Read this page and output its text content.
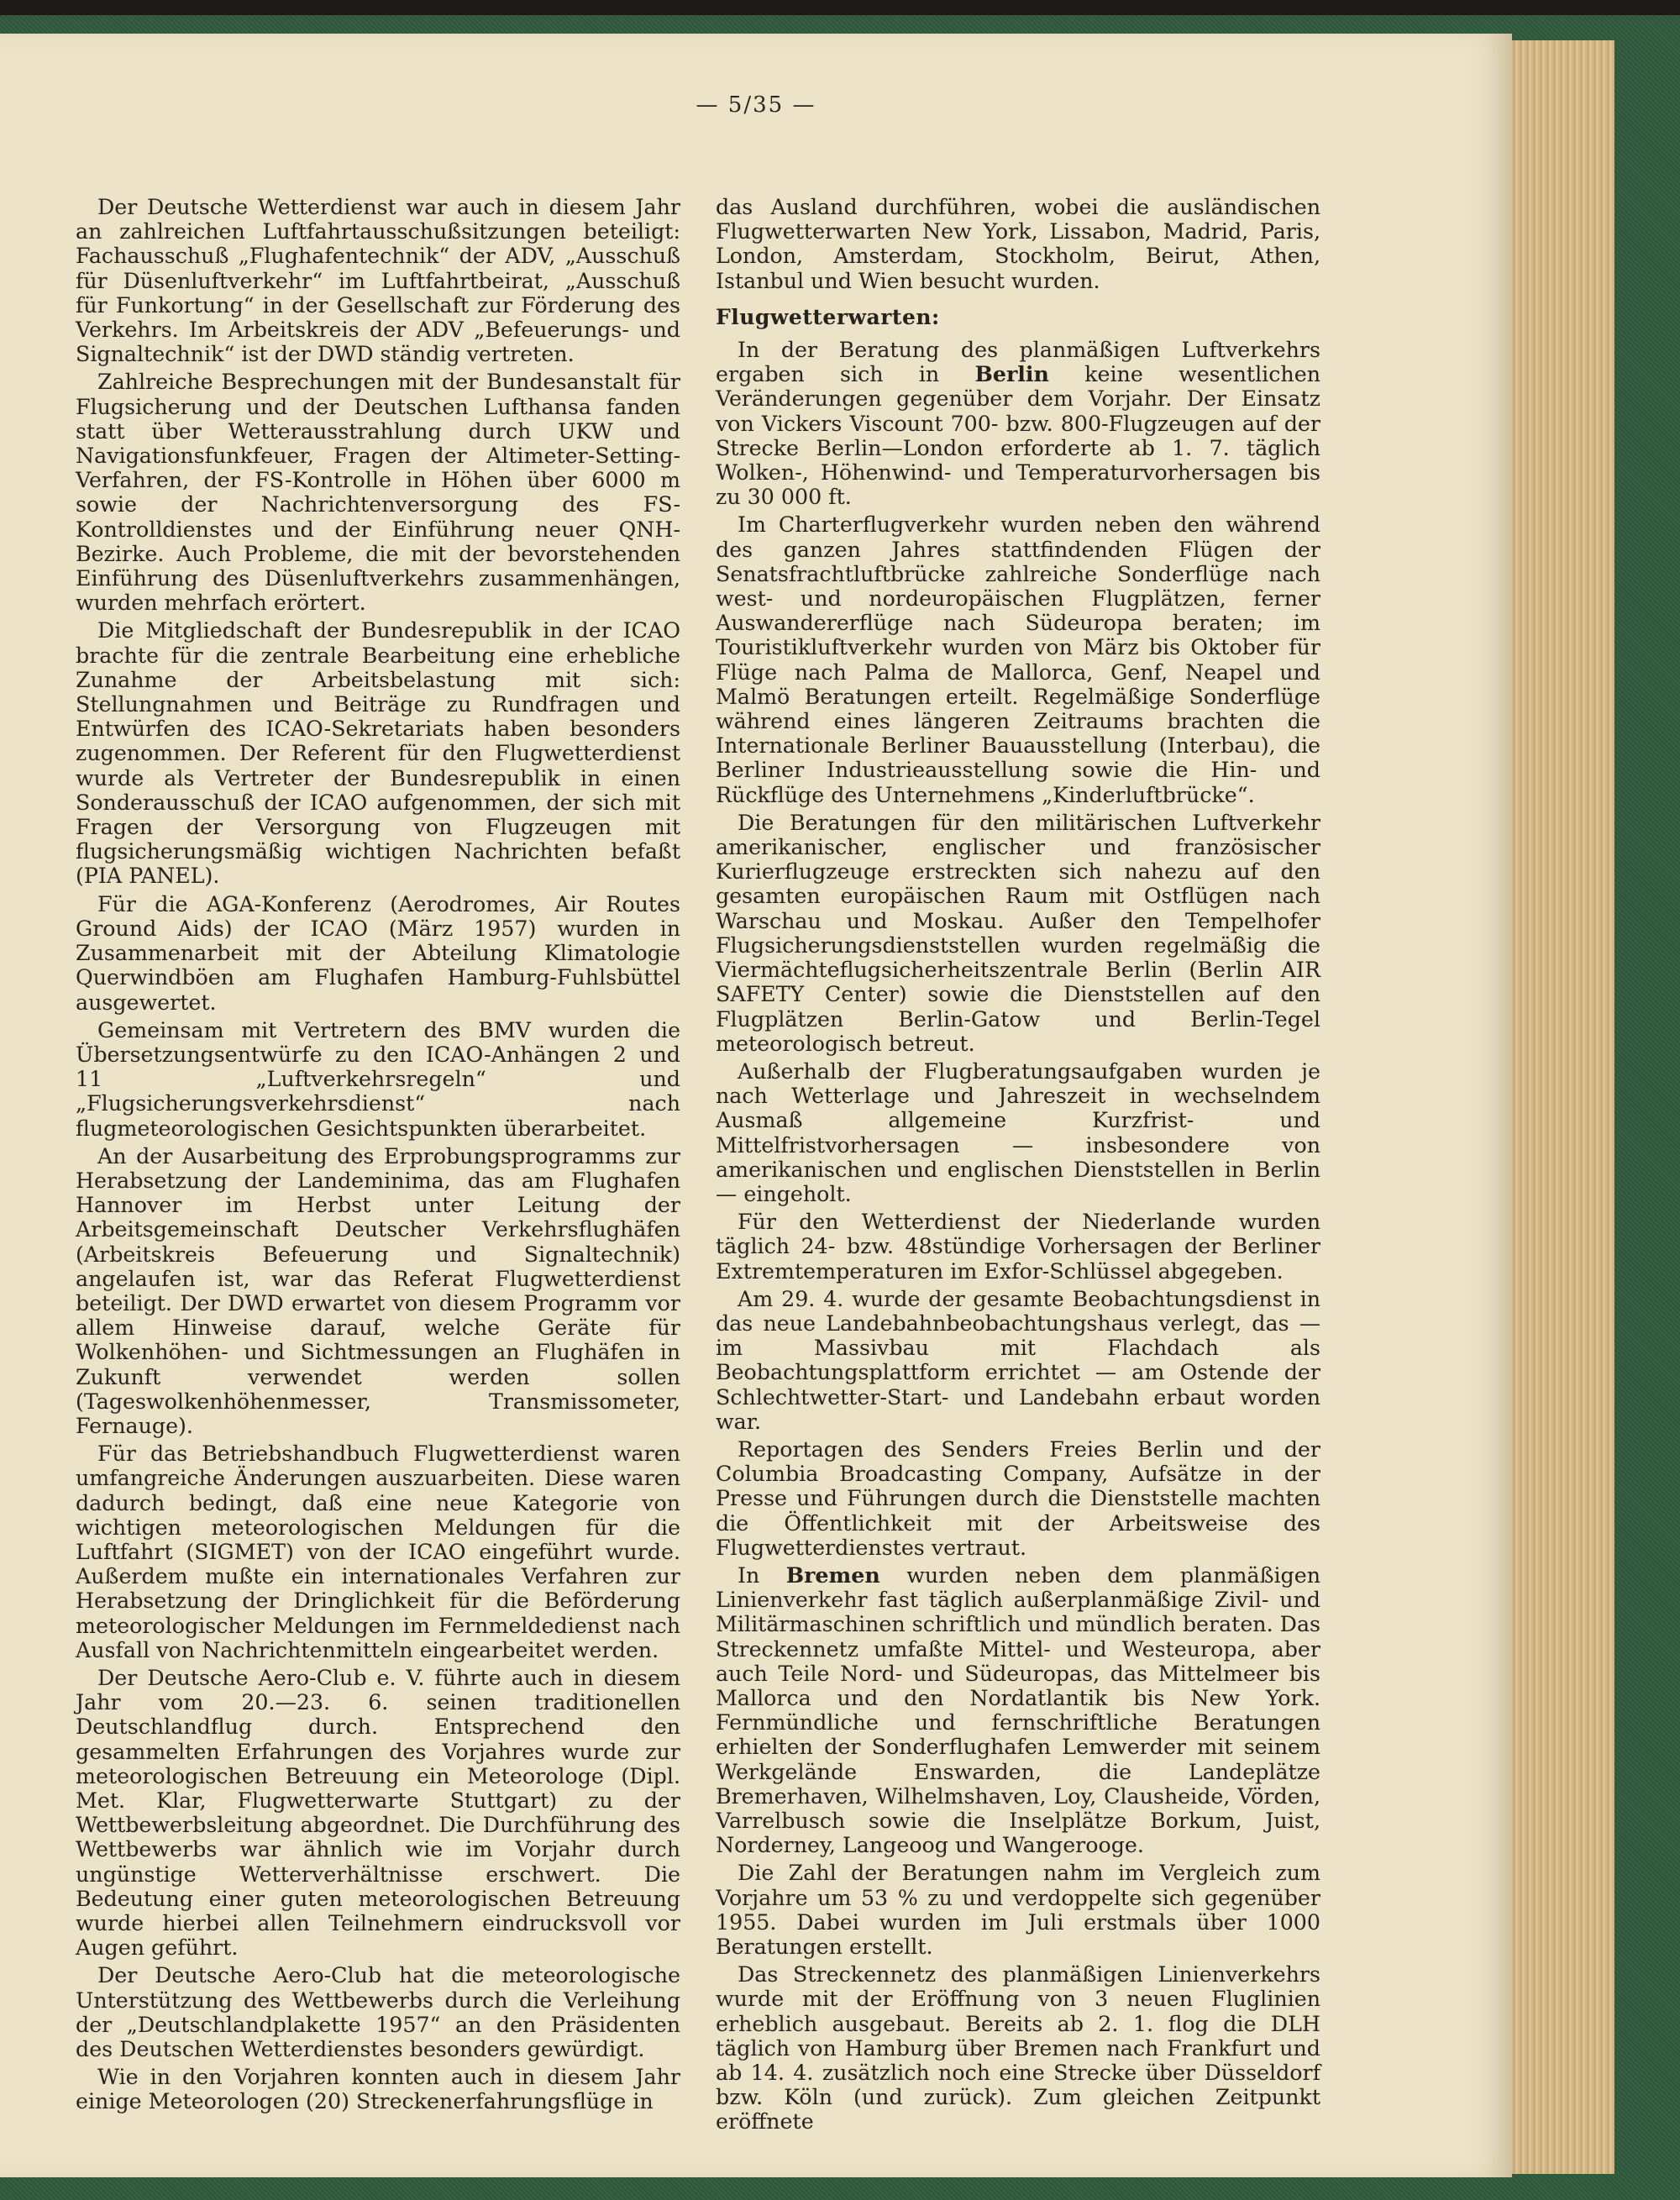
— 5/35 —

Der Deutsche Wetterdienst war auch in diesem Jahr an zahlreichen Luftfahrtausschußsitzungen beteiligt: Fachausschuß „Flughafentechnik“ der ADV, „Ausschuß für Düsenluftverkehr“ im Luftfahrtbeirat, „Ausschuß für Funkortung“ in der Gesellschaft zur Förderung des Verkehrs. Im Arbeitskreis der ADV „Befeuerungs- und Signaltechnik“ ist der DWD ständig vertreten.

Zahlreiche Besprechungen mit der Bundesanstalt für Flugsicherung und der Deutschen Lufthansa fanden statt über Wetterausstrahlung durch UKW und Navigationsfunkfeuer, Fragen der Altimeter-Setting-Verfahren, der FS-Kontrolle in Höhen über 6000 m sowie der Nachrichtenversorgung des FS-Kontrolldienstes und der Einführung neuer QNH-Bezirke. Auch Probleme, die mit der bevorstehenden Einführung des Düsenluftverkehrs zusammenhängen, wurden mehrfach erörtert.

Die Mitgliedschaft der Bundesrepublik in der ICAO brachte für die zentrale Bearbeitung eine erhebliche Zunahme der Arbeitsbelastung mit sich: Stellungnahmen und Beiträge zu Rundfragen und Entwürfen des ICAO-Sekretariats haben besonders zugenommen. Der Referent für den Flugwetterdienst wurde als Vertreter der Bundesrepublik in einen Sonderausschuß der ICAO aufgenommen, der sich mit Fragen der Versorgung von Flugzeugen mit flugsicherungsmäßig wichtigen Nachrichten befaßt (PIA PANEL).

Für die AGA-Konferenz (Aerodromes, Air Routes Ground Aids) der ICAO (März 1957) wurden in Zusammenarbeit mit der Abteilung Klimatologie Querwindböen am Flughafen Hamburg-Fuhlsbüttel ausgewertet.

Gemeinsam mit Vertretern des BMV wurden die Übersetzungsentwürfe zu den ICAO-Anhängen 2 und 11 „Luftverkehrsregeln“ und „Flugsicherungsverkehrsdienst“ nach flugmeteorologischen Gesichtspunkten überarbeitet.

An der Ausarbeitung des Erprobungsprogramms zur Herabsetzung der Landeminima, das am Flughafen Hannover im Herbst unter Leitung der Arbeitsgemeinschaft Deutscher Verkehrsflughäfen (Arbeitskreis Befeuerung und Signaltechnik) angelaufen ist, war das Referat Flugwetterdienst beteiligt. Der DWD erwartet von diesem Programm vor allem Hinweise darauf, welche Geräte für Wolkenhöhen- und Sichtmessungen an Flughäfen in Zukunft verwendet werden sollen (Tageswolkenhöhenmesser, Transmissometer, Fernauge).

Für das Betriebshandbuch Flugwetterdienst waren umfangreiche Änderungen auszuarbeiten. Diese waren dadurch bedingt, daß eine neue Kategorie von wichtigen meteorologischen Meldungen für die Luftfahrt (SIGMET) von der ICAO eingeführt wurde. Außerdem mußte ein internationales Verfahren zur Herabsetzung der Dringlichkeit für die Beförderung meteorologischer Meldungen im Fernmeldedienst nach Ausfall von Nachrichtenmitteln eingearbeitet werden.

Der Deutsche Aero-Club e. V. führte auch in diesem Jahr vom 20.—23. 6. seinen traditionellen Deutschlandflug durch. Entsprechend den gesammelten Erfahrungen des Vorjahres wurde zur meteorologischen Betreuung ein Meteorologe (Dipl. Met. Klar, Flugwetterwarte Stuttgart) zu der Wettbewerbsleitung abgeordnet. Die Durchführung des Wettbewerbs war ähnlich wie im Vorjahr durch ungünstige Wetterverhältnisse erschwert. Die Bedeutung einer guten meteorologischen Betreuung wurde hierbei allen Teilnehmern eindrucksvoll vor Augen geführt.

Der Deutsche Aero-Club hat die meteorologische Unterstützung des Wettbewerbs durch die Verleihung der „Deutschlandplakette 1957“ an den Präsidenten des Deutschen Wetterdienstes besonders gewürdigt.

Wie in den Vorjahren konnten auch in diesem Jahr einige Meteorologen (20) Streckenerfahrungsflüge in

das Ausland durchführen, wobei die ausländischen Flugwetterwarten New York, Lissabon, Madrid, Paris, London, Amsterdam, Stockholm, Beirut, Athen, Istanbul und Wien besucht wurden.

Flugwetterwarten:

In der Beratung des planmäßigen Luftverkehrs ergaben sich in Berlin keine wesentlichen Veränderungen gegenüber dem Vorjahr. Der Einsatz von Vickers Viscount 700- bzw. 800-Flugzeugen auf der Strecke Berlin—London erforderte ab 1. 7. täglich Wolken-, Höhenwind- und Temperaturvorhersagen bis zu 30 000 ft.

Im Charterflugverkehr wurden neben den während des ganzen Jahres stattfindenden Flügen der Senatsfrachtluftbrücke zahlreiche Sonderflüge nach west- und nordeuropäischen Flugplätzen, ferner Auswandererflüge nach Südeuropa beraten; im Touristikluftverkehr wurden von März bis Oktober für Flüge nach Palma de Mallorca, Genf, Neapel und Malmö Beratungen erteilt. Regelmäßige Sonderflüge während eines längeren Zeitraums brachten die Internationale Berliner Bauausstellung (Interbau), die Berliner Industrieausstellung sowie die Hin- und Rückflüge des Unternehmens „Kinderluftbrücke“.

Die Beratungen für den militärischen Luftverkehr amerikanischer, englischer und französischer Kurierflugzeuge erstreckten sich nahezu auf den gesamten europäischen Raum mit Ostflügen nach Warschau und Moskau. Außer den Tempelhofer Flugsicherungsdienststellen wurden regelmäßig die Viermächteflugsicherheitszentrale Berlin (Berlin AIR SAFETY Center) sowie die Dienststellen auf den Flugplätzen Berlin-Gatow und Berlin-Tegel meteorologisch betreut.

Außerhalb der Flugberatungsaufgaben wurden je nach Wetterlage und Jahreszeit in wechselndem Ausmaß allgemeine Kurzfrist- und Mittelfristvorhersagen — insbesondere von amerikanischen und englischen Dienststellen in Berlin — eingeholt.

Für den Wetterdienst der Niederlande wurden täglich 24- bzw. 48stündige Vorhersagen der Berliner Extremtemperaturen im Exfor-Schlüssel abgegeben.

Am 29. 4. wurde der gesamte Beobachtungsdienst in das neue Landebahnbeobachtungshaus verlegt, das — im Massivbau mit Flachdach als Beobachtungsplattform errichtet — am Ostende der Schlechtwetter-Start- und Landebahn erbaut worden war.

Reportagen des Senders Freies Berlin und der Columbia Broadcasting Company, Aufsätze in der Presse und Führungen durch die Dienststelle machten die Öffentlichkeit mit der Arbeitsweise des Flugwetterdienstes vertraut.

In Bremen wurden neben dem planmäßigen Linienverkehr fast täglich außerplanmäßige Zivil- und Militärmaschinen schriftlich und mündlich beraten. Das Streckennetz umfaßte Mittel- und Westeuropa, aber auch Teile Nord- und Südeuropas, das Mittelmeer bis Mallorca und den Nordatlantik bis New York. Fernmündliche und fernschriftliche Beratungen erhielten der Sonderflughafen Lemwerder mit seinem Werkgelände Enswarden, die Landeplätze Bremerhaven, Wilhelmshaven, Loy, Clausheide, Vörden, Varrelbusch sowie die Inselplätze Borkum, Juist, Norderney, Langeoog und Wangerooge.

Die Zahl der Beratungen nahm im Vergleich zum Vorjahre um 53 % zu und verdoppelte sich gegenüber 1955. Dabei wurden im Juli erstmals über 1000 Beratungen erstellt.

Das Streckennetz des planmäßigen Linienverkehrs wurde mit der Eröffnung von 3 neuen Fluglinien erheblich ausgebaut. Bereits ab 2. 1. flog die DLH täglich von Hamburg über Bremen nach Frankfurt und ab 14. 4. zusätzlich noch eine Strecke über Düsseldorf bzw. Köln (und zurück). Zum gleichen Zeitpunkt eröffnete
